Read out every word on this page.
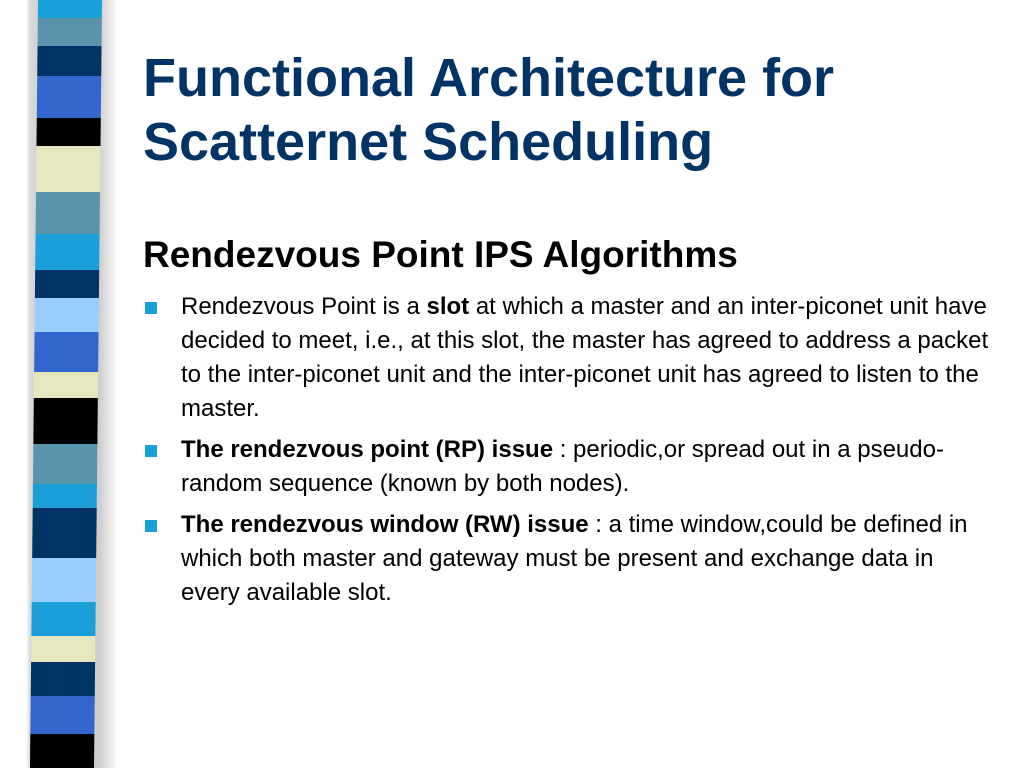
Functional Architecture for
Scatternet Scheduling
Rendezvous Point IPS Algorithms
Rendezvous Point is a slot at which a master and an inter-piconet unit have decided to meet, i.e., at this slot, the master has agreed to address a packet to the inter-piconet unit and the inter-piconet unit has agreed to listen to the master.
The rendezvous point (RP) issue : periodic,or spread out in a pseudo-random sequence (known by both nodes).
The rendezvous window (RW) issue : a time window,could be defined in which both master and gateway must be present and exchange data in every available slot.
